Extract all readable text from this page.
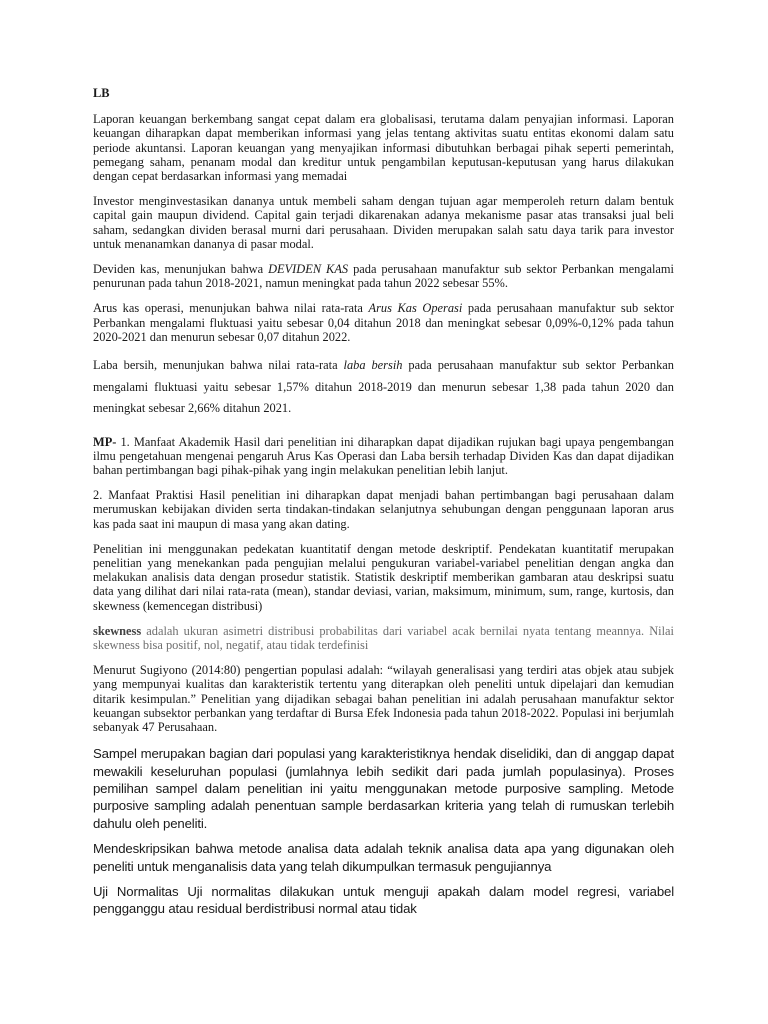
LB

Laporan keuangan berkembang sangat cepat dalam era globalisasi, terutama dalam penyajian informasi. Laporan keuangan diharapkan dapat memberikan informasi yang jelas tentang aktivitas suatu entitas ekonomi dalam satu periode akuntansi. Laporan keuangan yang menyajikan informasi dibutuhkan berbagai pihak seperti pemerintah, pemegang saham, penanam modal dan kreditur untuk pengambilan keputusan-keputusan yang harus dilakukan dengan cepat berdasarkan informasi yang memadai

Investor menginvestasikan dananya untuk membeli saham dengan tujuan agar memperoleh return dalam bentuk capital gain maupun dividend. Capital gain terjadi dikarenakan adanya mekanisme pasar atas transaksi jual beli saham, sedangkan dividen berasal murni dari perusahaan. Dividen merupakan salah satu daya tarik para investor untuk menanamkan dananya di pasar modal.

Deviden kas, menunjukan bahwa DEVIDEN KAS pada perusahaan manufaktur sub sektor Perbankan mengalami penurunan pada tahun 2018-2021, namun meningkat pada tahun 2022 sebesar 55%.

Arus kas operasi, menunjukan bahwa nilai rata-rata Arus Kas Operasi pada perusahaan manufaktur sub sektor Perbankan mengalami fluktuasi yaitu sebesar 0,04 ditahun 2018 dan meningkat sebesar 0,09%-0,12% pada tahun 2020-2021 dan menurun sebesar 0,07 ditahun 2022.

Laba bersih, menunjukan bahwa nilai rata-rata laba bersih pada perusahaan manufaktur sub sektor Perbankan mengalami fluktuasi yaitu sebesar 1,57% ditahun 2018-2019 dan menurun sebesar 1,38 pada tahun 2020 dan meningkat sebesar 2,66% ditahun 2021.

MP- 1. Manfaat Akademik Hasil dari penelitian ini diharapkan dapat dijadikan rujukan bagi upaya pengembangan ilmu pengetahuan mengenai pengaruh Arus Kas Operasi dan Laba bersih terhadap Dividen Kas dan dapat dijadikan bahan pertimbangan bagi pihak-pihak yang ingin melakukan penelitian lebih lanjut.

2. Manfaat Praktisi Hasil penelitian ini diharapkan dapat menjadi bahan pertimbangan bagi perusahaan dalam merumuskan kebijakan dividen serta tindakan-tindakan selanjutnya sehubungan dengan penggunaan laporan arus kas pada saat ini maupun di masa yang akan dating.

Penelitian ini menggunakan pedekatan kuantitatif dengan metode deskriptif. Pendekatan kuantitatif merupakan penelitian yang menekankan pada pengujian melalui pengukuran variabel-variabel penelitian dengan angka dan melakukan analisis data dengan prosedur statistik. Statistik deskriptif memberikan gambaran atau deskripsi suatu data yang dilihat dari nilai rata-rata (mean), standar deviasi, varian, maksimum, minimum, sum, range, kurtosis, dan skewness (kemencegan distribusi)

skewness adalah ukuran asimetri distribusi probabilitas dari variabel acak bernilai nyata tentang meannya. Nilai skewness bisa positif, nol, negatif, atau tidak terdefinisi

Menurut Sugiyono (2014:80) pengertian populasi adalah: “wilayah generalisasi yang terdiri atas objek atau subjek yang mempunyai kualitas dan karakteristik tertentu yang diterapkan oleh peneliti untuk dipelajari dan kemudian ditarik kesimpulan.” Penelitian yang dijadikan sebagai bahan penelitian ini adalah perusahaan manufaktur sektor keuangan subsektor perbankan yang terdaftar di Bursa Efek Indonesia pada tahun 2018-2022. Populasi ini berjumlah sebanyak 47 Perusahaan.

Sampel merupakan bagian dari populasi yang karakteristiknya hendak diselidiki, dan di anggap dapat mewakili keseluruhan populasi (jumlahnya lebih sedikit dari pada jumlah populasinya). Proses pemilihan sampel dalam penelitian ini yaitu menggunakan metode purposive sampling. Metode purposive sampling adalah penentuan sample berdasarkan kriteria yang telah di rumuskan terlebih dahulu oleh peneliti.

Mendeskripsikan bahwa metode analisa data adalah teknik analisa data apa yang digunakan oleh peneliti untuk menganalisis data yang telah dikumpulkan termasuk pengujiannya

Uji Normalitas Uji normalitas dilakukan untuk menguji apakah dalam model regresi, variabel pengganggu atau residual berdistribusi normal atau tidak
